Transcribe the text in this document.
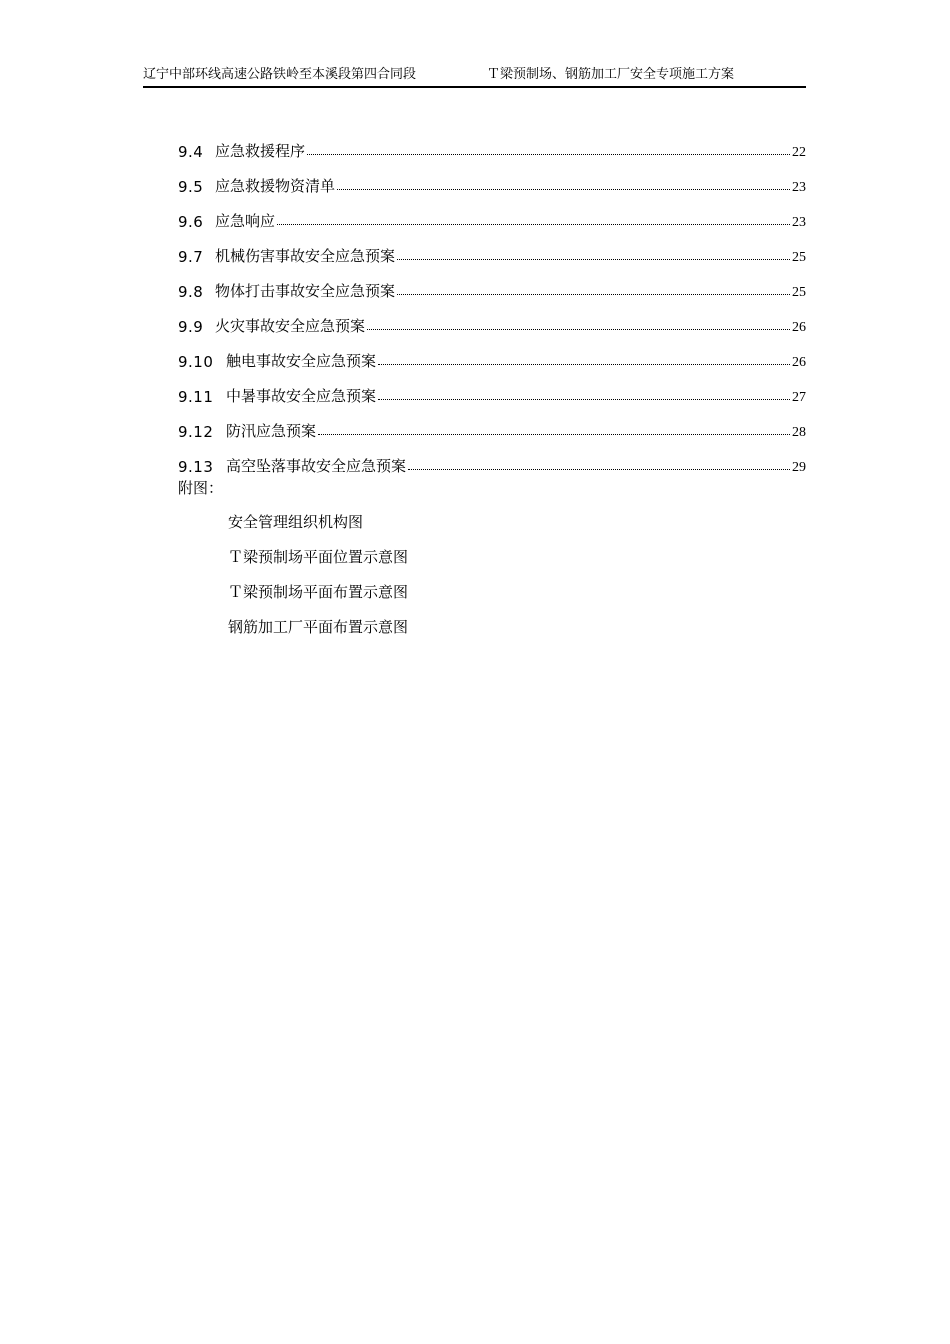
辽宁中部环线高速公路铁岭至本溪段第四合同段	Ｔ梁预制场、钢筋加工厂安全专项施工方案
9.4 应急救援程序	22
9.5 应急救援物资清单	23
9.6 应急响应	23
9.7 机械伤害事故安全应急预案	25
9.8 物体打击事故安全应急预案	25
9.9 火灾事故安全应急预案	26
9.10 触电事故安全应急预案	26
9.11 中暑事故安全应急预案	27
9.12 防汛应急预案	28
9.13 高空坠落事故安全应急预案	29
附图：
安全管理组织机构图
Ｔ梁预制场平面位置示意图
Ｔ梁预制场平面布置示意图
钢筋加工厂平面布置示意图
